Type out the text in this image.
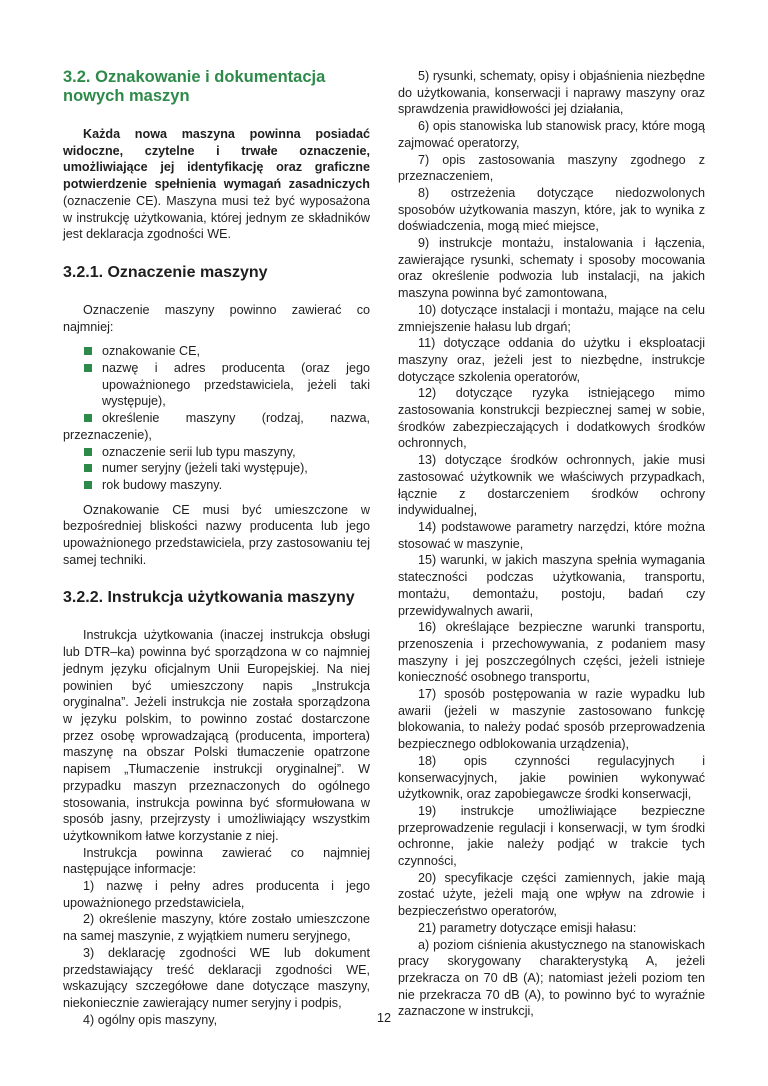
3.2. Oznakowanie i dokumentacja nowych maszyn

Każda nowa maszyna powinna posiadać widoczne, czytelne i trwałe oznaczenie, umożliwiające jej identyfikację oraz graficzne potwierdzenie spełnienia wymagań zasadniczych (oznaczenie CE). Maszyna musi też być wyposażona w instrukcję użytkowania, której jednym ze składników jest deklaracja zgodności WE.

3.2.1. Oznaczenie maszyny

Oznaczenie maszyny powinno zawierać co najmniej:

oznakowanie CE,
nazwę i adres producenta (oraz jego upoważnionego przedstawiciela, jeżeli taki występuje),
określenie maszyny (rodzaj, nazwa, przeznaczenie),
oznaczenie serii lub typu maszyny,
numer seryjny (jeżeli taki występuje),
rok budowy maszyny.

Oznakowanie CE musi być umieszczone w bezpośredniej bliskości nazwy producenta lub jego upoważnionego przedstawiciela, przy zastosowaniu tej samej techniki.

3.2.2. Instrukcja użytkowania maszyny

Instrukcja użytkowania (inaczej instrukcja obsługi lub DTR–ka) powinna być sporządzona w co najmniej jednym języku oficjalnym Unii Europejskiej. Na niej powinien być umieszczony napis „Instrukcja oryginalna”. Jeżeli instrukcja nie została sporządzona w języku polskim, to powinno zostać dostarczone przez osobę wprowadzającą (producenta, importera) maszynę na obszar Polski tłumaczenie opatrzone napisem „Tłumaczenie instrukcji oryginalnej”. W przypadku maszyn przeznaczonych do ogólnego stosowania, instrukcja powinna być sformułowana w sposób jasny, przejrzysty i umożliwiający wszystkim użytkownikom łatwe korzystanie z niej.

Instrukcja powinna zawierać co najmniej następujące informacje:

1) nazwę i pełny adres producenta i jego upoważnionego przedstawiciela,

2) określenie maszyny, które zostało umieszczone na samej maszynie, z wyjątkiem numeru seryjnego,

3) deklarację zgodności WE lub dokument przedstawiający treść deklaracji zgodności WE, wskazujący szczegółowe dane dotyczące maszyny, niekoniecznie zawierający numer seryjny i podpis,

4) ogólny opis maszyny,

5) rysunki, schematy, opisy i objaśnienia niezbędne do użytkowania, konserwacji i naprawy maszyny oraz sprawdzenia prawidłowości jej działania,

6) opis stanowiska lub stanowisk pracy, które mogą zajmować operatorzy,

7) opis zastosowania maszyny zgodnego z przeznaczeniem,

8) ostrzeżenia dotyczące niedozwolonych sposobów użytkowania maszyn, które, jak to wynika z doświadczenia, mogą mieć miejsce,

9) instrukcje montażu, instalowania i łączenia, zawierające rysunki, schematy i sposoby mocowania oraz określenie podwozia lub instalacji, na jakich maszyna powinna być zamontowana,

10) dotyczące instalacji i montażu, mające na celu zmniejszenie hałasu lub drgań;

11) dotyczące oddania do użytku i eksploatacji maszyny oraz, jeżeli jest to niezbędne, instrukcje dotyczące szkolenia operatorów,

12) dotyczące ryzyka istniejącego mimo zastosowania konstrukcji bezpiecznej samej w sobie, środków zabezpieczających i dodatkowych środków ochronnych,

13) dotyczące środków ochronnych, jakie musi zastosować użytkownik we właściwych przypadkach, łącznie z dostarczeniem środków ochrony indywidualnej,

14) podstawowe parametry narzędzi, które można stosować w maszynie,

15) warunki, w jakich maszyna spełnia wymagania stateczności podczas użytkowania, transportu, montażu, demontażu, postoju, badań czy przewidywalnych awarii,

16) określające bezpieczne warunki transportu, przenoszenia i przechowywania, z podaniem masy maszyny i jej poszczególnych części, jeżeli istnieje konieczność osobnego transportu,

17) sposób postępowania w razie wypadku lub awarii (jeżeli w maszynie zastosowano funkcję blokowania, to należy podać sposób przeprowadzenia bezpiecznego odblokowania urządzenia),

18) opis czynności regulacyjnych i konserwacyjnych, jakie powinien wykonywać użytkownik, oraz zapobiegawcze środki konserwacji,

19) instrukcje umożliwiające bezpieczne przeprowadzenie regulacji i konserwacji, w tym środki ochronne, jakie należy podjąć w trakcie tych czynności,

20) specyfikacje części zamiennych, jakie mają zostać użyte, jeżeli mają one wpływ na zdrowie i bezpieczeństwo operatorów,

21) parametry dotyczące emisji hałasu:

a) poziom ciśnienia akustycznego na stanowiskach pracy skorygowany charakterystyką A, jeżeli przekracza on 70 dB (A); natomiast jeżeli poziom ten nie przekracza 70 dB (A), to powinno być to wyraźnie zaznaczone w instrukcji,

12
